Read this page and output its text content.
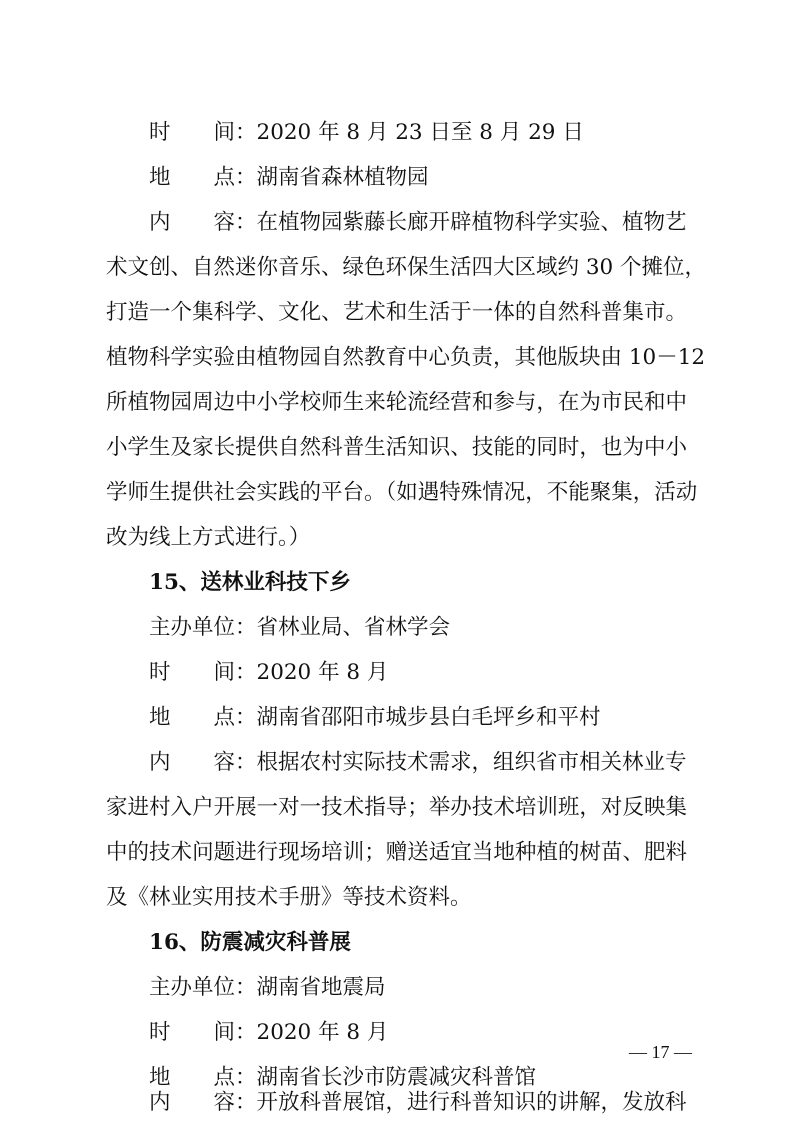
时　　间：2020 年 8 月 23 日至 8 月 29 日
地　　点：湖南省森林植物园
内　　容：在植物园紫藤长廊开辟植物科学实验、植物艺
术文创、自然迷你音乐、绿色环保生活四大区域约 30 个摊位，
打造一个集科学、文化、艺术和生活于一体的自然科普集市。
植物科学实验由植物园自然教育中心负责，其他版块由 10－12
所植物园周边中小学校师生来轮流经营和参与，在为市民和中
小学生及家长提供自然科普生活知识、技能的同时，也为中小
学师生提供社会实践的平台。（如遇特殊情况，不能聚集，活动
改为线上方式进行。）
15、送林业科技下乡
主办单位：省林业局、省林学会
时　　间：2020 年 8 月
地　　点：湖南省邵阳市城步县白毛坪乡和平村
内　　容：根据农村实际技术需求，组织省市相关林业专
家进村入户开展一对一技术指导；举办技术培训班，对反映集
中的技术问题进行现场培训；赠送适宜当地种植的树苗、肥料
及《林业实用技术手册》等技术资料。
16、防震减灾科普展
主办单位：湖南省地震局
时　　间：2020 年 8 月
地　　点：湖南省长沙市防震减灾科普馆
内　　容：开放科普展馆，进行科普知识的讲解，发放科
— 17 —
